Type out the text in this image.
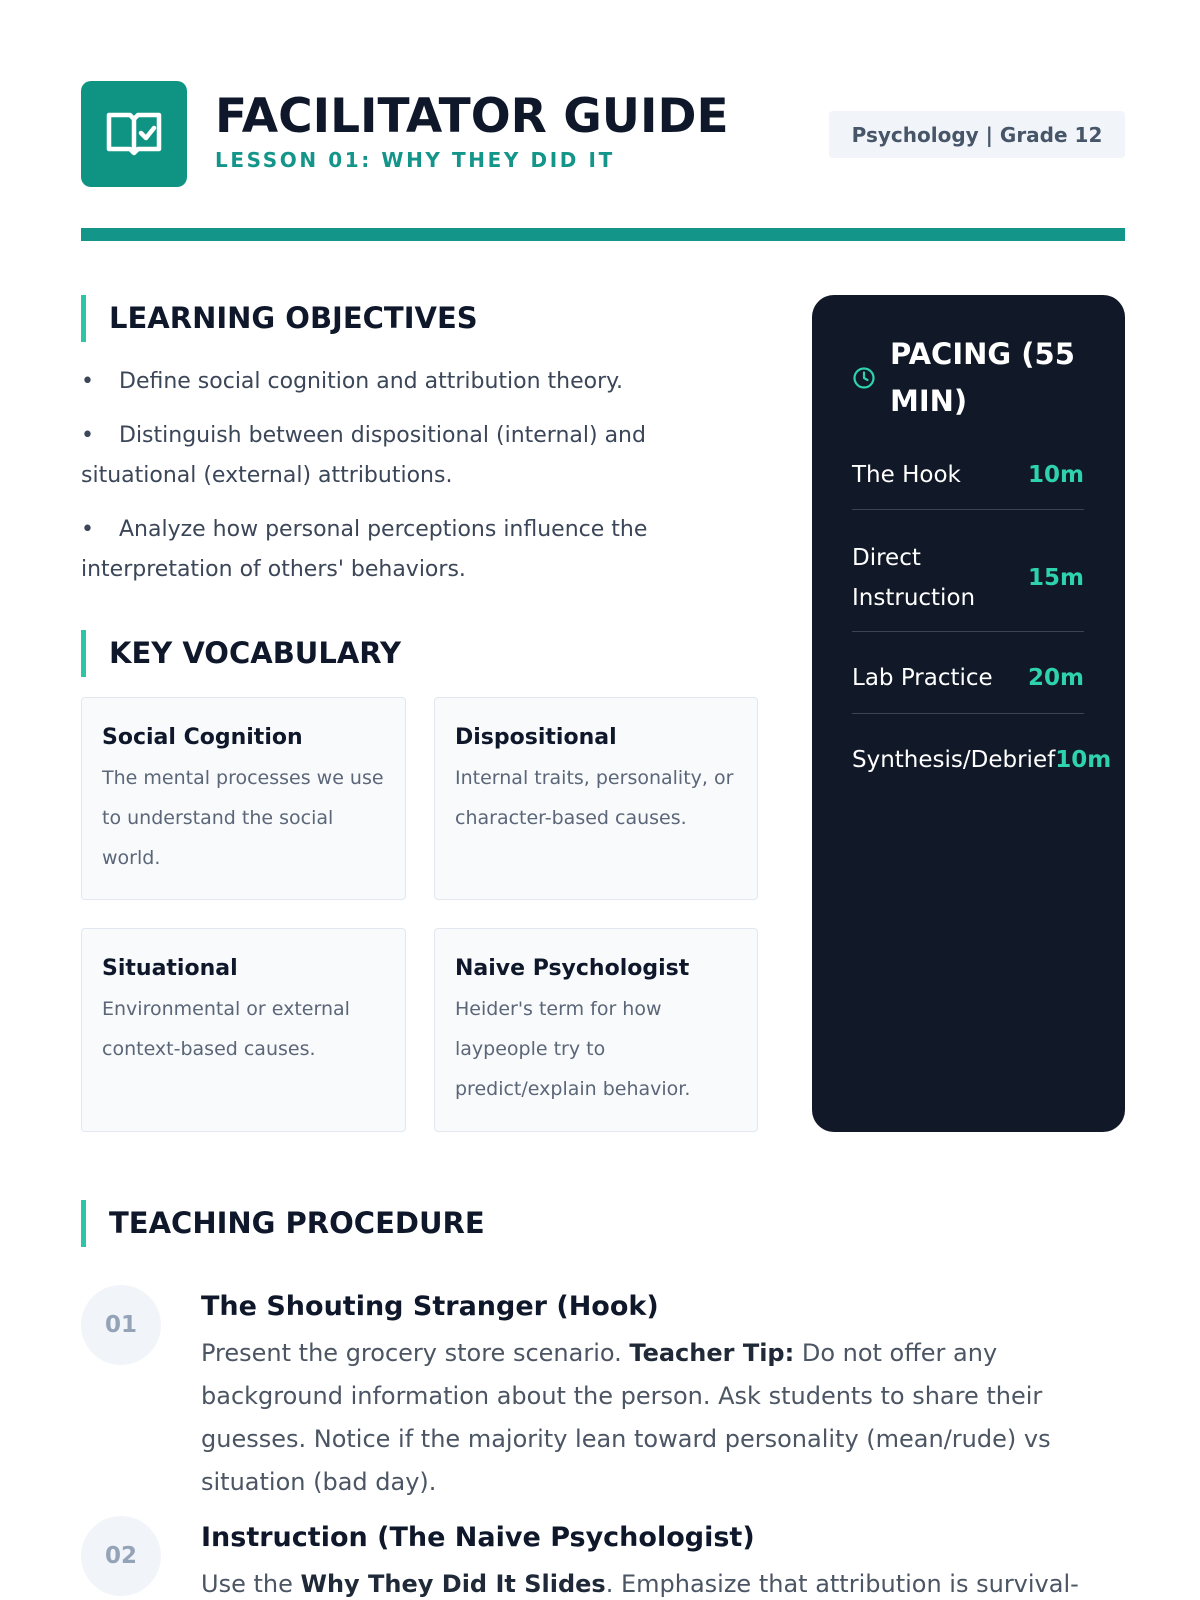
FACILITATOR GUIDE
LESSON 01: WHY THEY DID IT
Psychology | Grade 12
LEARNING OBJECTIVES
• Define social cognition and attribution theory.
• Distinguish between dispositional (internal) and situational (external) attributions.
• Analyze how personal perceptions influence the interpretation of others' behaviors.
KEY VOCABULARY
Social Cognition
The mental processes we use to understand the social world.
Dispositional
Internal traits, personality, or character-based causes.
Situational
Environmental or external context-based causes.
Naive Psychologist
Heider's term for how laypeople try to predict/explain behavior.
PACING (55 MIN)
The Hook	10m
Direct Instruction
15m
Lab Practice 20m
Synthesis/Debrief 10m
TEACHING PROCEDURE
01
The Shouting Stranger (Hook)
Present the grocery store scenario. Teacher Tip: Do not offer any background information about the person. Ask students to share their guesses. Notice if the majority lean toward personality (mean/rude) vs situation (bad day).
02
Instruction (The Naive Psychologist)
Use the Why They Did It Slides. Emphasize that attribution is survival-
